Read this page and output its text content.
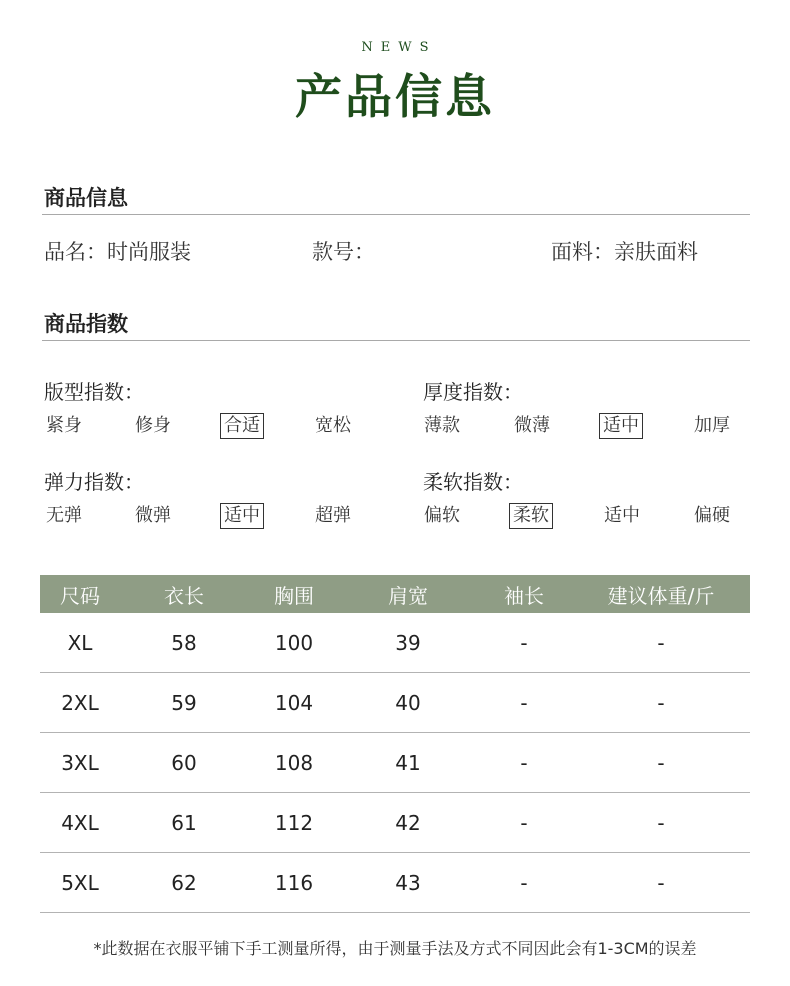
NEWS
产品信息
商品信息
品名：时尚服装	款号：	面料：亲肤面料
商品指数
版型指数：
紧身	修身	合适	宽松
厚度指数：
薄款	微薄	适中	加厚
弹力指数：
无弹	微弹	适中	超弹
柔软指数：
偏软	柔软	适中	偏硬
尺码	衣长	胸围	肩宽	袖长	建议体重/斤
XL	58	100	39	-	-
2XL	59	104	40	-	-
3XL	60	108	41	-	-
4XL	61	112	42	-	-
5XL	62	116	43	-	-
*此数据在衣服平铺下手工测量所得，由于测量手法及方式不同因此会有1-3CM的误差
